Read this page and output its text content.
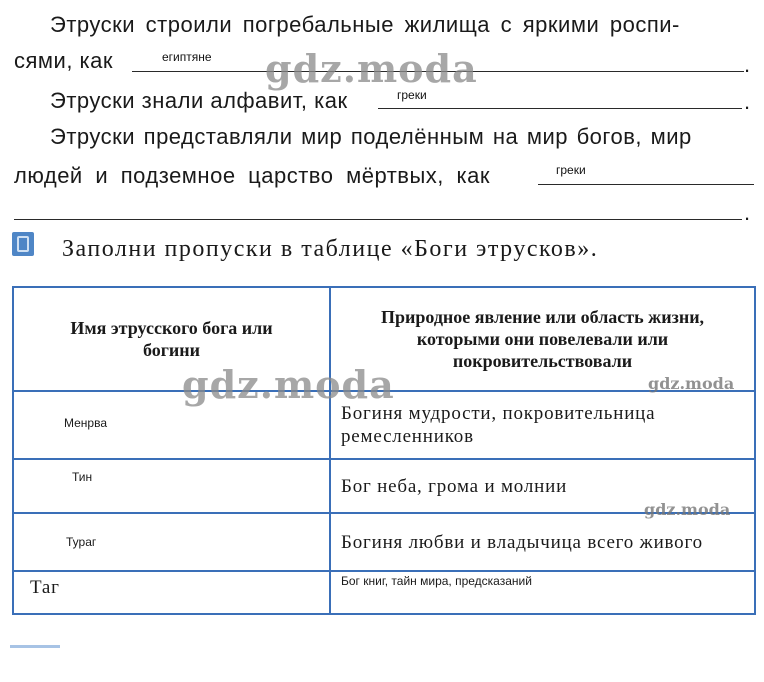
Этруски строили погребальные жилища с яркими роспи-
сями, как	египтяне	.
Этруски знали алфавит, как	греки	.
Этруски представляли мир поделённым на мир богов, мир
людей и подземное царство мёртвых, как	греки
.
Заполни пропуски в таблице «Боги этрусков».
Имя этрусского бога или богини	Природное явление или область жизни, которыми они повелевали или покровительствовали
Менрва	Богиня мудрости, покровительница ремесленников
Тин	Бог неба, грома и молнии
Тураг	Богиня любви и владычица всего живого
Таг	Бог книг, тайн мира, предсказаний
gdz.moda
gdz.moda	gdz.moda
gdz.moda
